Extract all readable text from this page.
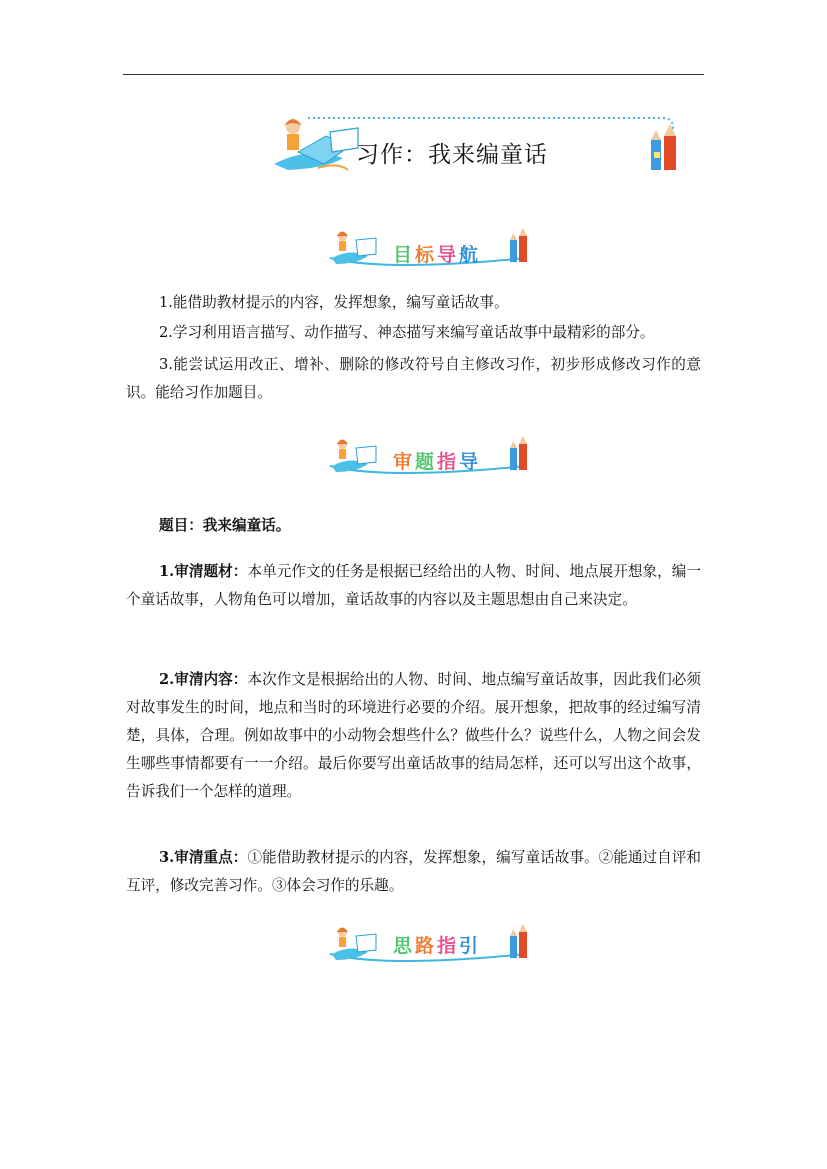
习作：我来编童话
目标导航

1.能借助教材提示的内容，发挥想象，编写童话故事。

2.学习利用语言描写、动作描写、神态描写来编写童话故事中最精彩的部分。

3.能尝试运用改正、增补、删除的修改符号自主修改习作，初步形成修改习作的意识。能给习作加题目。

审题指导

题目：我来编童话。

1.审清题材：本单元作文的任务是根据已经给出的人物、时间、地点展开想象，编一个童话故事，人物角色可以增加，童话故事的内容以及主题思想由自己来决定。

2.审清内容：本次作文是根据给出的人物、时间、地点编写童话故事，因此我们必须对故事发生的时间，地点和当时的环境进行必要的介绍。展开想象，把故事的经过编写清楚，具体，合理。例如故事中的小动物会想些什么？做些什么？说些什么，人物之间会发生哪些事情都要有一一介绍。最后你要写出童话故事的结局怎样，还可以写出这个故事，告诉我们一个怎样的道理。

3.审清重点：①能借助教材提示的内容，发挥想象，编写童话故事。②能通过自评和互评，修改完善习作。③体会习作的乐趣。

思路指引
